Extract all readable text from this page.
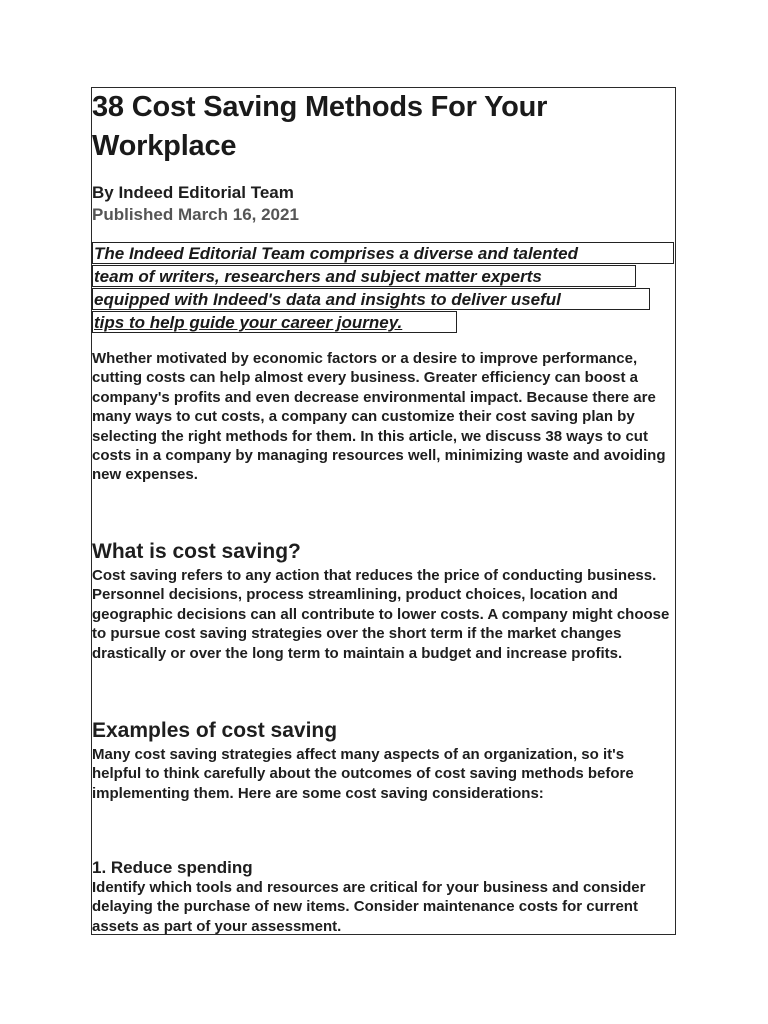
38 Cost Saving Methods For Your Workplace
By Indeed Editorial Team
Published March 16, 2021
The Indeed Editorial Team comprises a diverse and talented
team of writers, researchers and subject matter experts
equipped with Indeed's data and insights to deliver useful
tips to help guide your career journey.
Whether motivated by economic factors or a desire to improve performance, cutting costs can help almost every business. Greater efficiency can boost a company's profits and even decrease environmental impact. Because there are many ways to cut costs, a company can customize their cost saving plan by selecting the right methods for them. In this article, we discuss 38 ways to cut costs in a company by managing resources well, minimizing waste and avoiding new expenses.
What is cost saving?
Cost saving refers to any action that reduces the price of conducting business. Personnel decisions, process streamlining, product choices, location and geographic decisions can all contribute to lower costs. A company might choose to pursue cost saving strategies over the short term if the market changes drastically or over the long term to maintain a budget and increase profits.
Examples of cost saving
Many cost saving strategies affect many aspects of an organization, so it's helpful to think carefully about the outcomes of cost saving methods before implementing them. Here are some cost saving considerations:
1. Reduce spending
Identify which tools and resources are critical for your business and consider delaying the purchase of new items. Consider maintenance costs for current assets as part of your assessment.
